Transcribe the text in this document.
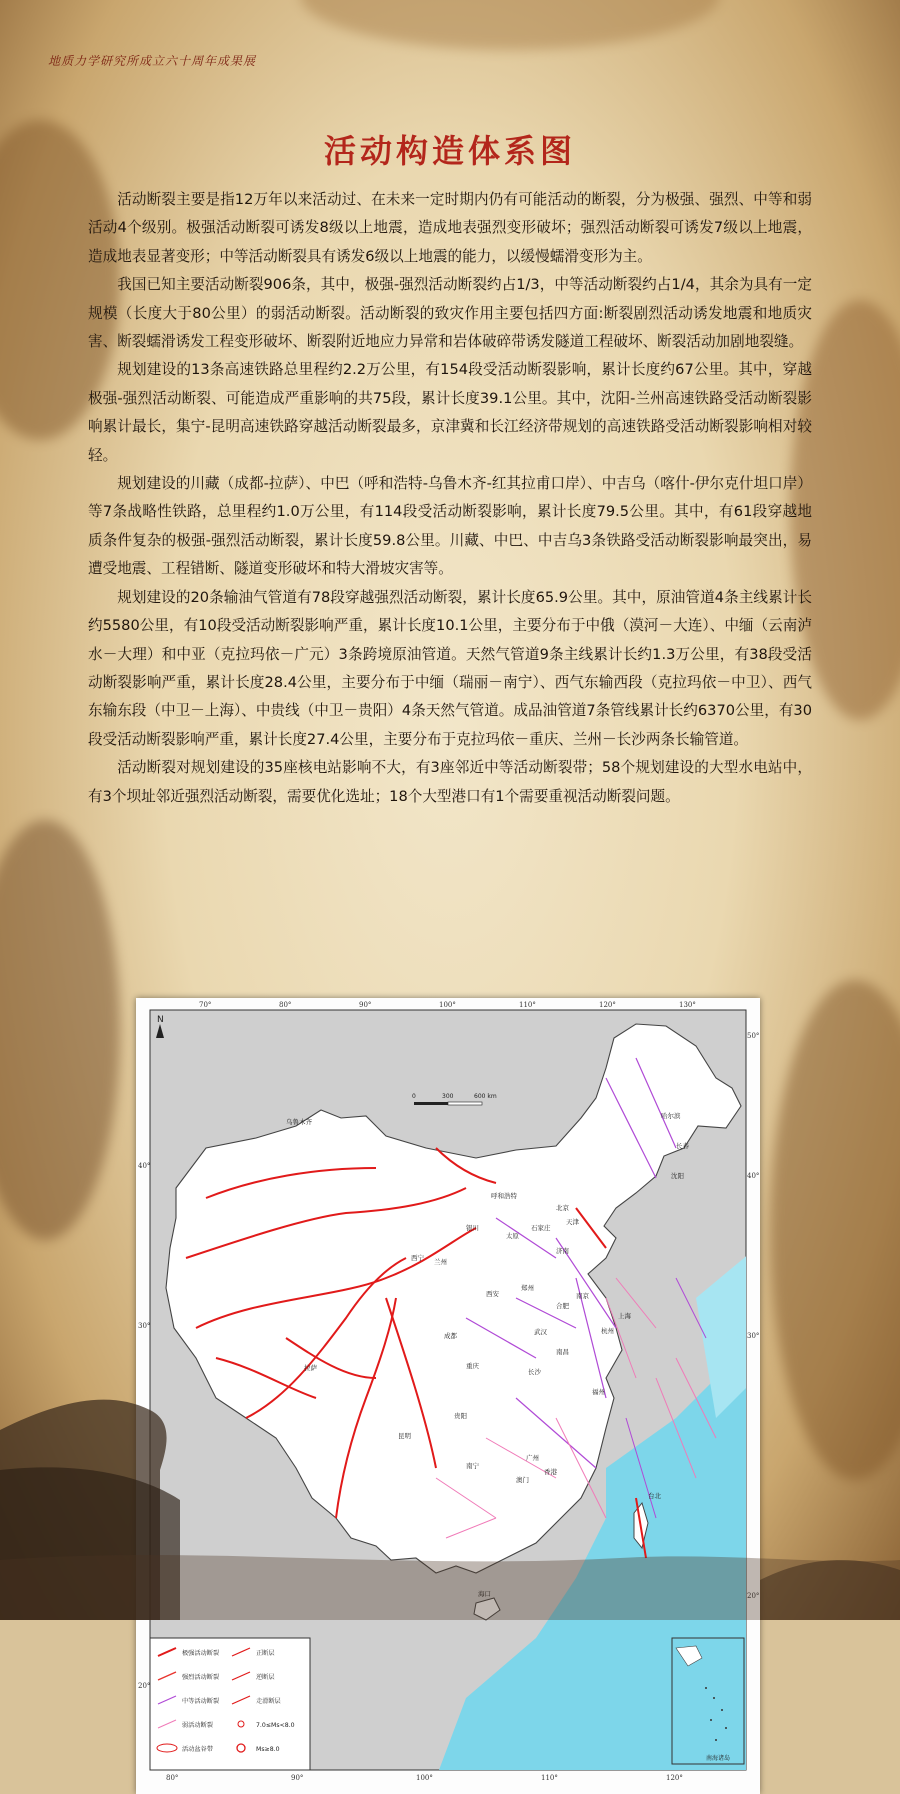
地质力学研究所成立六十周年成果展
活动构造体系图

活动断裂主要是指12万年以来活动过、在未来一定时期内仍有可能活动的断裂，分为极强、强烈、中等和弱活动4个级别。极强活动断裂可诱发8级以上地震，造成地表强烈变形破坏；强烈活动断裂可诱发7级以上地震，造成地表显著变形；中等活动断裂具有诱发6级以上地震的能力，以缓慢蠕滑变形为主。

我国已知主要活动断裂906条，其中，极强-强烈活动断裂约占1/3，中等活动断裂约占1/4，其余为具有一定规模（长度大于80公里）的弱活动断裂。活动断裂的致灾作用主要包括四方面:断裂剧烈活动诱发地震和地质灾害、断裂蠕滑诱发工程变形破坏、断裂附近地应力异常和岩体破碎带诱发隧道工程破坏、断裂活动加剧地裂缝。

规划建设的13条高速铁路总里程约2.2万公里，有154段受活动断裂影响，累计长度约67公里。其中，穿越极强-强烈活动断裂、可能造成严重影响的共75段，累计长度39.1公里。其中，沈阳-兰州高速铁路受活动断裂影响累计最长，集宁-昆明高速铁路穿越活动断裂最多，京津冀和长江经济带规划的高速铁路受活动断裂影响相对较轻。

规划建设的川藏（成都-拉萨）、中巴（呼和浩特-乌鲁木齐-红其拉甫口岸）、中吉乌（喀什-伊尔克什坦口岸）等7条战略性铁路，总里程约1.0万公里，有114段受活动断裂影响，累计长度79.5公里。其中，有61段穿越地质条件复杂的极强-强烈活动断裂，累计长度59.8公里。川藏、中巴、中吉乌3条铁路受活动断裂影响最突出，易遭受地震、工程错断、隧道变形破坏和特大滑坡灾害等。

规划建设的20条输油气管道有78段穿越强烈活动断裂，累计长度65.9公里。其中，原油管道4条主线累计长约5580公里，有10段受活动断裂影响严重，累计长度10.1公里，主要分布于中俄（漠河－大连）、中缅（云南泸水－大理）和中亚（克拉玛依－广元）3条跨境原油管道。天然气管道9条主线累计长约1.3万公里，有38段受活动断裂影响严重，累计长度28.4公里，主要分布于中缅（瑞丽－南宁）、西气东输西段（克拉玛依－中卫）、西气东输东段（中卫－上海）、中贵线（中卫－贵阳）4条天然气管道。成品油管道7条管线累计长约6370公里，有30段受活动断裂影响严重，累计长度27.4公里，主要分布于克拉玛依－重庆、兰州－长沙两条长输管道。

活动断裂对规划建设的35座核电站影响不大，有3座邻近中等活动断裂带；58个规划建设的大型水电站中，有3个坝址邻近强烈活动断裂，需要优化选址；18个大型港口有1个需要重视活动断裂问题。

70°	80°	90°	100°	110°	120°	130°
80°	90°	100°	110°	120°
40°
30°
20°
50°
40°
30°
20°
N
0	300	600 km
乌鲁木齐
哈尔滨
长春
沈阳
呼和浩特
北京
天津
石家庄
太原
银川
济南
西宁 兰州
西安
郑州
合肥
南京
上海
杭州
武汉
成都
重庆
拉萨	长沙
南昌
福州
贵阳
昆明
南宁
广州
香港
澳门
台北
海口
南海诸岛
极强活动断裂	正断层
强烈活动断裂	逆断层
中等活动断裂	走滑断层
弱活动断裂	7.0≤Ms<8.0
活动盆谷带	Ms≥8.0
